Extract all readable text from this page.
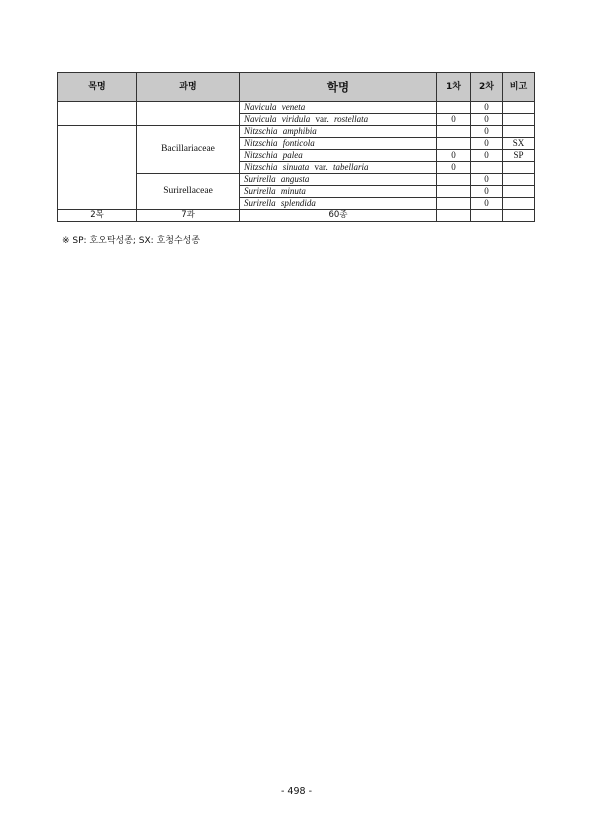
목명	과명	학명	1차	2차	비고
		Navicula veneta		0	
		Navicula viridula var. rostellata	0	0	
	Bacillariaceae	Nitzschia amphibia		0	
		Nitzschia fonticola		0	SX
		Nitzschia palea	0	0	SP
		Nitzschia sinuata var. tabellaria	0		
	Surirellaceae	Surirella angusta		0	
		Surirella minuta		0	
		Surirella splendida		0	
2목	7과	60종			
※ SP: 호오탁성종; SX: 호청수성종
- 498 -
